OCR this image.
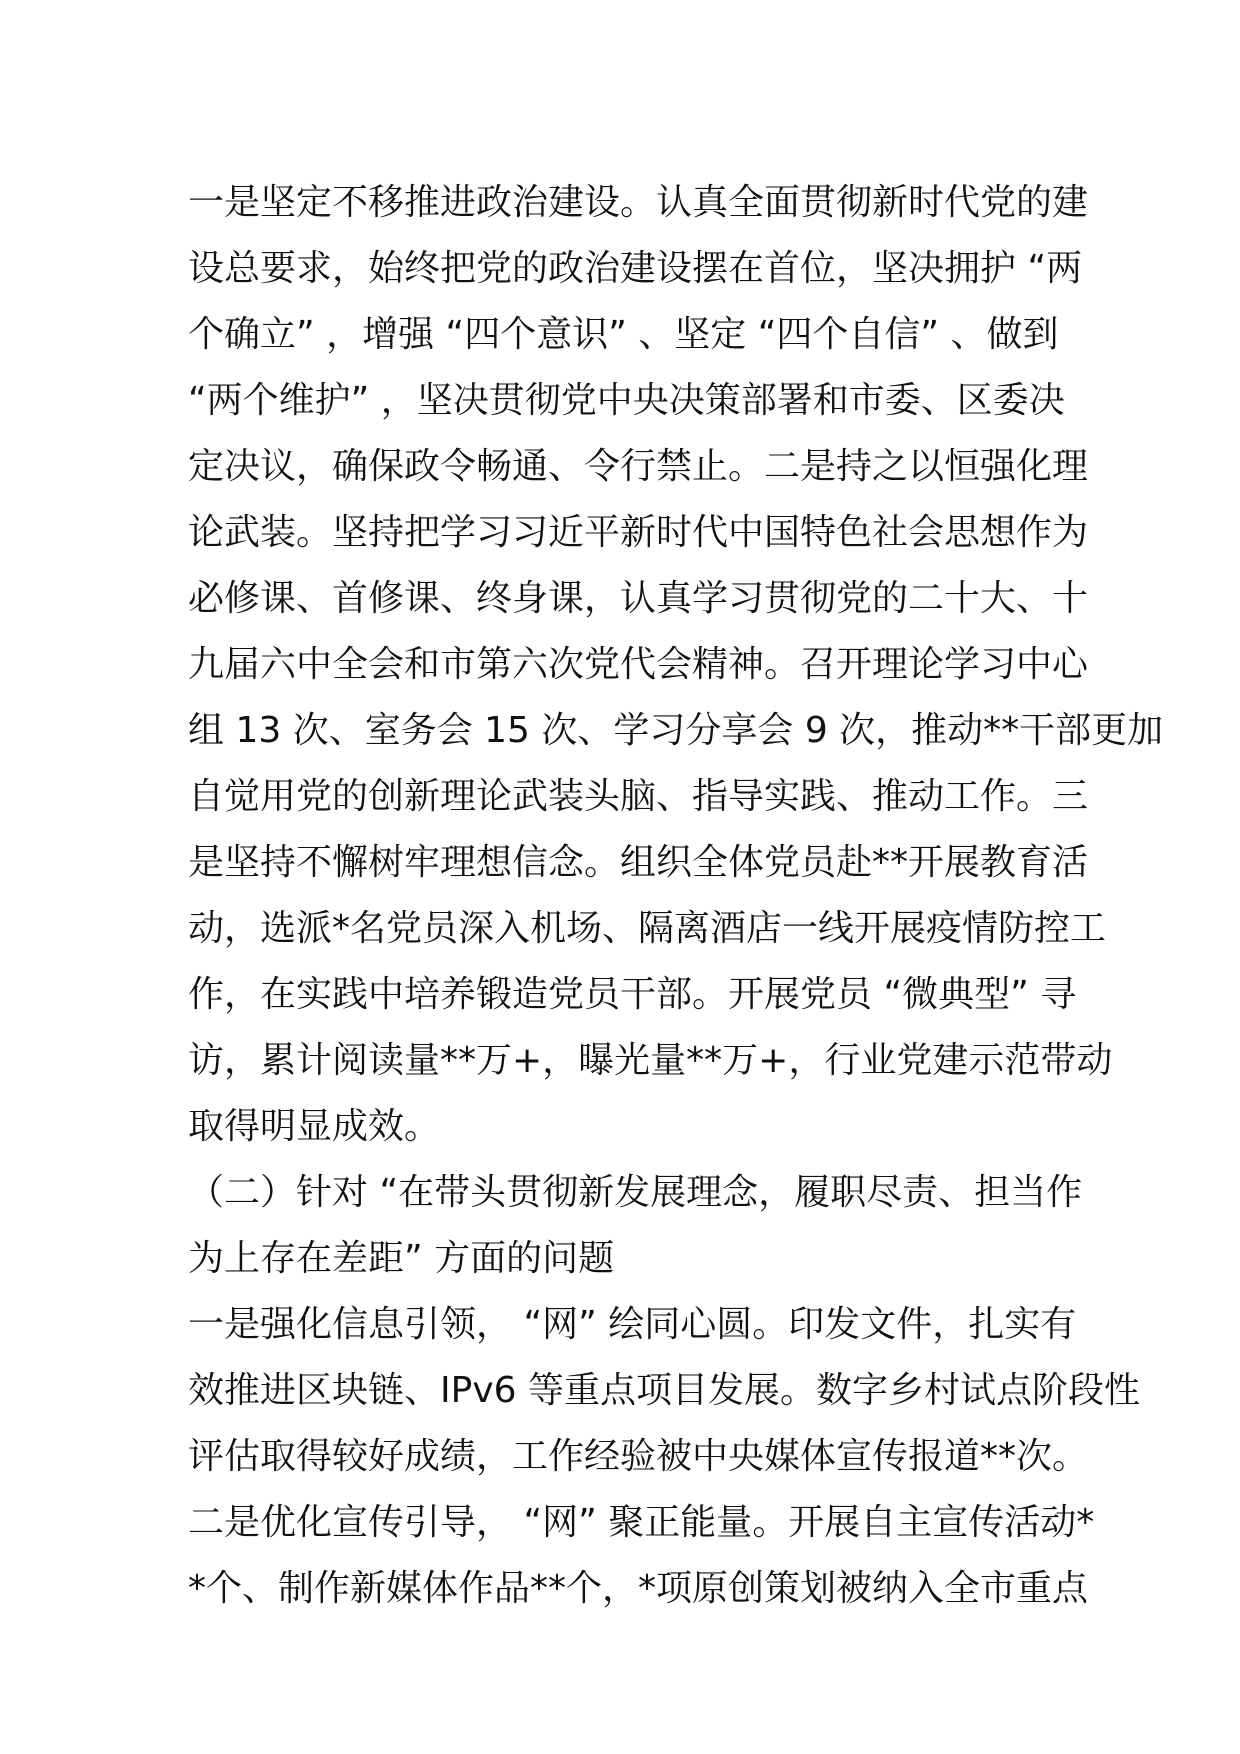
一是坚定不移推进政治建设。认真全面贯彻新时代党的建
设总要求，始终把党的政治建设摆在首位，坚决拥护 “两
个确立” ，增强 “四个意识” 、坚定 “四个自信” 、做到
“两个维护” ，坚决贯彻党中央决策部署和市委、区委决
定决议，确保政令畅通、令行禁止。二是持之以恒强化理
论武装。坚持把学习习近平新时代中国特色社会思想作为
必修课、首修课、终身课，认真学习贯彻党的二十大、十
九届六中全会和市第六次党代会精神。召开理论学习中心
组 13 次、室务会 15 次、学习分享会 9 次，推动**干部更加
自觉用党的创新理论武装头脑、指导实践、推动工作。三
是坚持不懈树牢理想信念。组织全体党员赴**开展教育活
动，选派*名党员深入机场、隔离酒店一线开展疫情防控工
作，在实践中培养锻造党员干部。开展党员 “微典型” 寻
访，累计阅读量**万+，曝光量**万+，行业党建示范带动
取得明显成效。
（二）针对 “在带头贯彻新发展理念，履职尽责、担当作
为上存在差距” 方面的问题
一是强化信息引领， “网” 绘同心圆。印发文件，扎实有
效推进区块链、IPv6 等重点项目发展。数字乡村试点阶段性
评估取得较好成绩，工作经验被中央媒体宣传报道**次。
二是优化宣传引导， “网” 聚正能量。开展自主宣传活动*
*个、制作新媒体作品**个，*项原创策划被纳入全市重点
